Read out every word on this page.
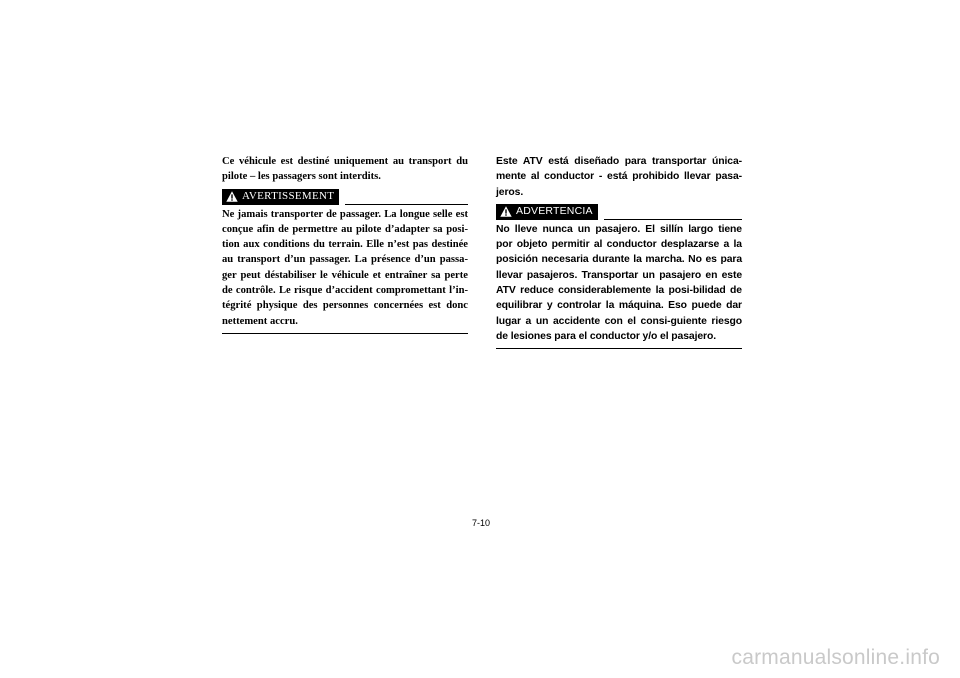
Ce véhicule est destiné uniquement au transport du pilote – les passagers sont interdits.

AVERTISSEMENT

Ne jamais transporter de passager. La longue selle est conçue afin de permettre au pilote d’adapter sa posi-tion aux conditions du terrain. Elle n’est pas destinée au transport d’un passager. La présence d’un passa-ger peut déstabiliser le véhicule et entraîner sa perte de contrôle. Le risque d’accident compromettant l’in-tégrité physique des personnes concernées est donc nettement accru.

Este ATV está diseñado para transportar única-mente al conductor - está prohibido llevar pasa-jeros.

ADVERTENCIA

No lleve nunca un pasajero. El sillín largo tiene por objeto permitir al conductor desplazarse a la posición necesaria durante la marcha. No es para llevar pasajeros. Transportar un pasajero en este ATV reduce considerablemente la posi-bilidad de equilibrar y controlar la máquina. Eso puede dar lugar a un accidente con el consi-guiente riesgo de lesiones para el conductor y/o el pasajero.

7-10
carmanualsonline.info
